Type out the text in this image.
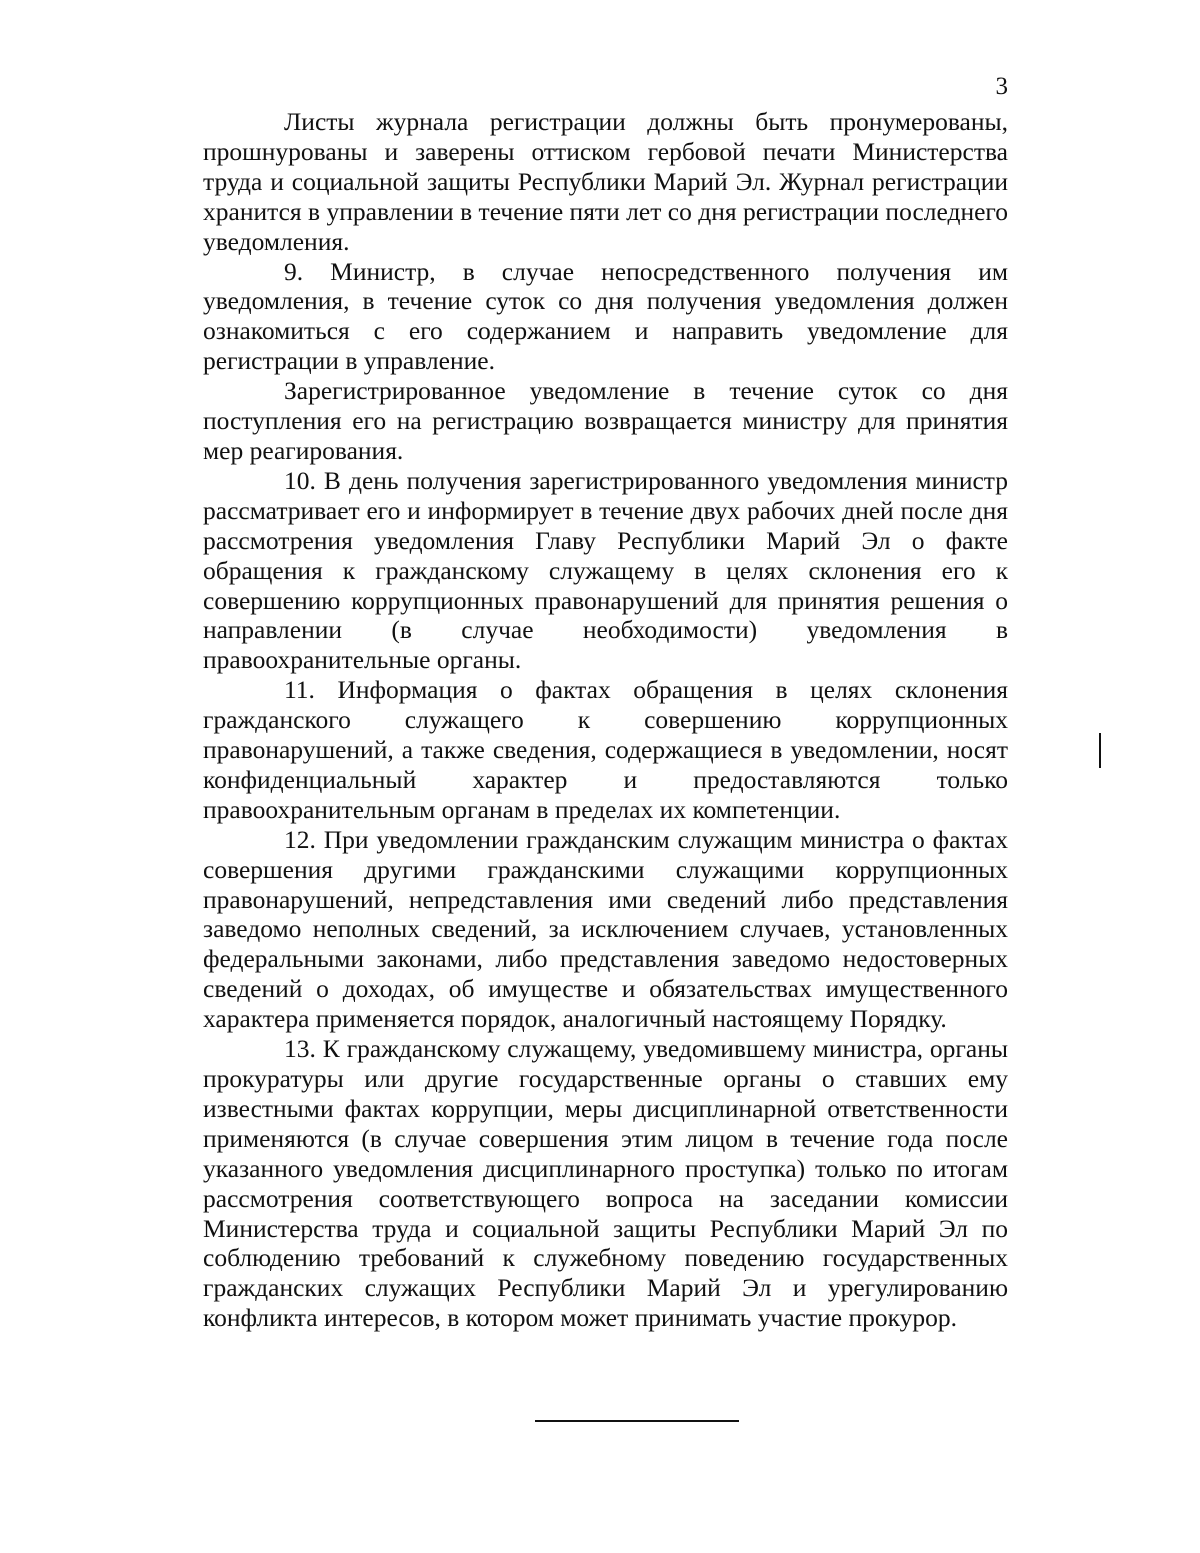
3

Листы журнала регистрации должны быть пронумерованы, прошнурованы и заверены оттиском гербовой печати Министерства труда и социальной защиты Республики Марий Эл. Журнал регистрации хранится в управлении в течение пяти лет со дня регистрации последнего уведомления.

9. Министр, в случае непосредственного получения им уведомления, в течение суток со дня получения уведомления должен ознакомиться с его содержанием и направить уведомление для регистрации в управление.

Зарегистрированное уведомление в течение суток со дня поступления его на регистрацию возвращается министру для принятия мер реагирования.

10. В день получения зарегистрированного уведомления министр рассматривает его и информирует в течение двух рабочих дней после дня рассмотрения уведомления Главу Республики Марий Эл о факте обращения к гражданскому служащему в целях склонения его к совершению коррупционных правонарушений для принятия решения о направлении (в случае необходимости) уведомления в правоохранительные органы.

11. Информация о фактах обращения в целях склонения гражданского служащего к совершению коррупционных правонарушений, а также сведения, содержащиеся в уведомлении, носят конфиденциальный характер и предоставляются только правоохранительным органам в пределах их компетенции.

12. При уведомлении гражданским служащим министра о фактах совершения другими гражданскими служащими коррупционных правонарушений, непредставления ими сведений либо представления заведомо неполных сведений, за исключением случаев, установленных федеральными законами, либо представления заведомо недостоверных сведений о доходах, об имуществе и обязательствах имущественного характера применяется порядок, аналогичный настоящему Порядку.

13. К гражданскому служащему, уведомившему министра, органы прокуратуры или другие государственные органы о ставших ему известными фактах коррупции, меры дисциплинарной ответственности применяются (в случае совершения этим лицом в течение года после указанного уведомления дисциплинарного проступка) только по итогам рассмотрения соответствующего вопроса на заседании комиссии Министерства труда и социальной защиты Республики Марий Эл по соблюдению требований к служебному поведению государственных гражданских служащих Республики Марий Эл и урегулированию конфликта интересов, в котором может принимать участие прокурор.
